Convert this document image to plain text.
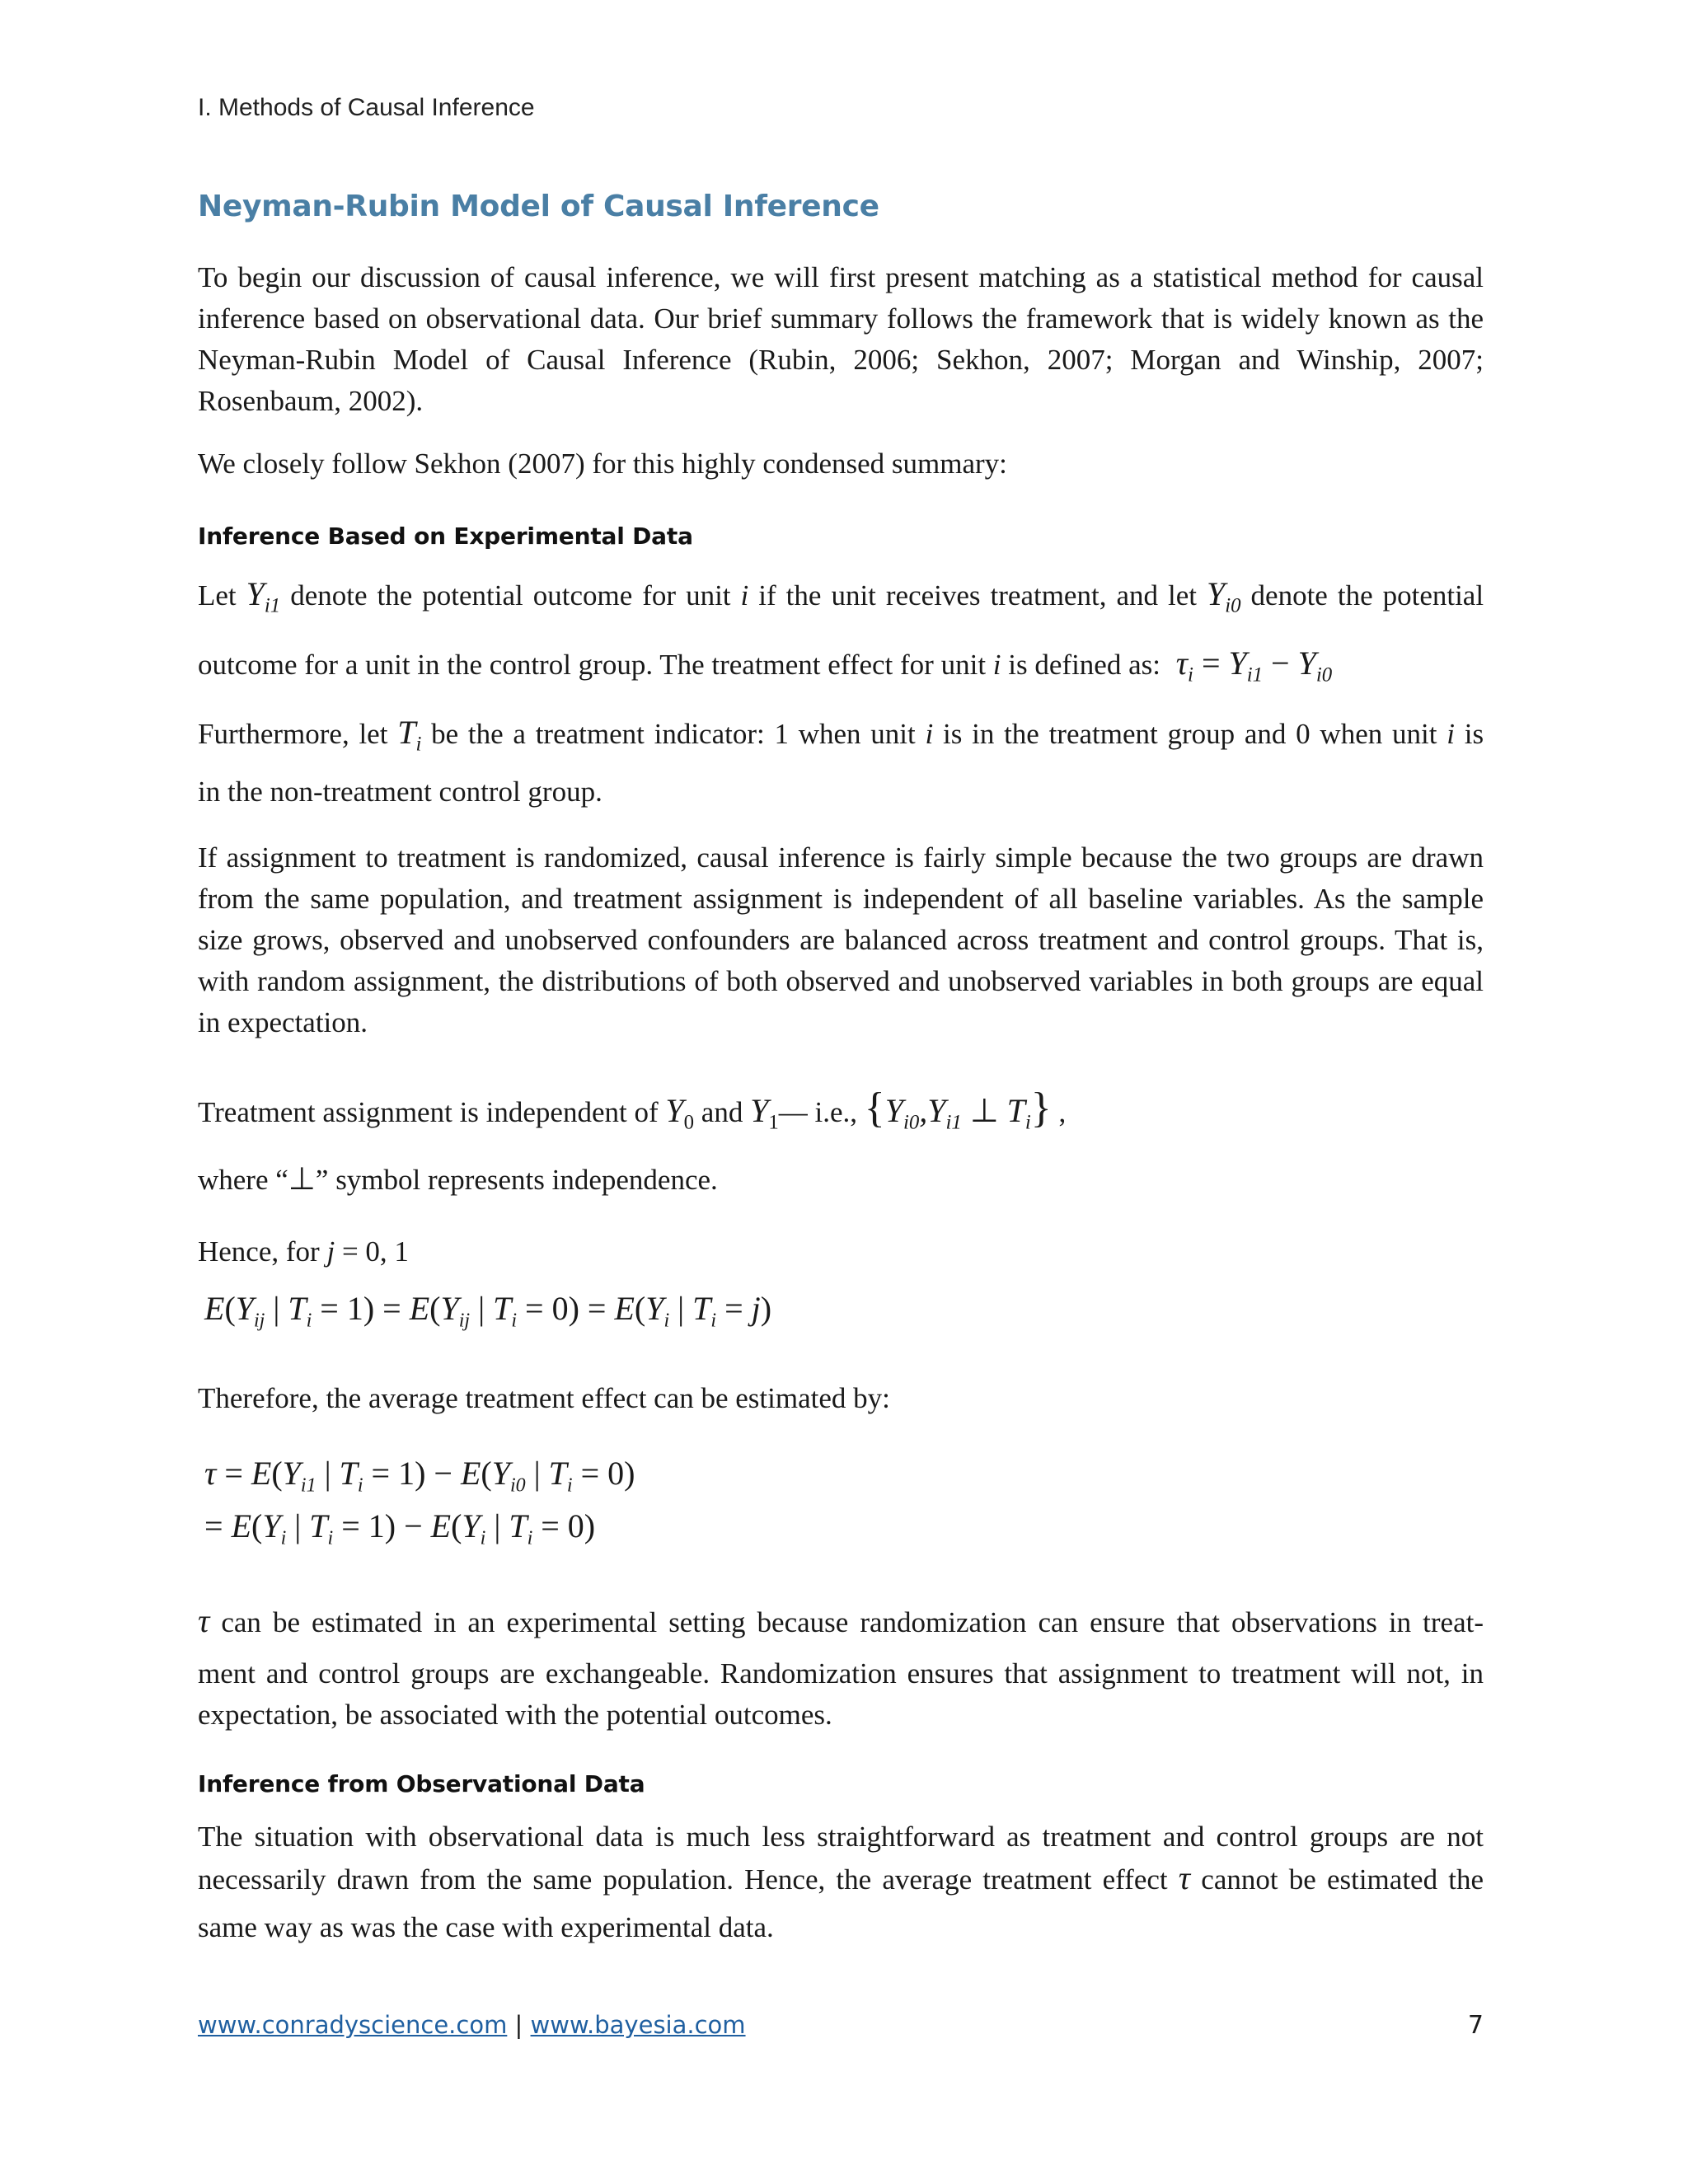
I. Methods of Causal Inference
Neyman-Rubin Model of Causal Inference
To begin our discussion of causal inference, we will first present matching as a statistical method for causal inference based on observational data. Our brief summary follows the framework that is widely known as the Neyman-Rubin Model of Causal Inference (Rubin, 2006; Sekhon, 2007; Morgan and Winship, 2007; Rosenbaum, 2002).
We closely follow Sekhon (2007) for this highly condensed summary:
Inference Based on Experimental Data
Let $Y_{i1}$ denote the potential outcome for unit i if the unit receives treatment, and let $Y_{i0}$ denote the potential
outcome for a unit in the control group. The treatment effect for unit i is defined as: $\tau_i = Y_{i1} - Y_{i0}$
Furthermore, let $T_i$ be the a treatment indicator: 1 when unit i is in the treatment group and 0 when unit i is
in the non-treatment control group.
If assignment to treatment is randomized, causal inference is fairly simple because the two groups are drawn from the same population, and treatment assignment is independent of all baseline variables. As the sample size grows, observed and unobserved confounders are balanced across treatment and control groups. That is, with random assignment, the distributions of both observed and unobserved variables in both groups are equal in expectation.
Treatment assignment is independent of $Y_0$ and $Y_1—$ i.e., {$Y_{i0},Y_{i1}$ ⊥ $T_i$} ,
where “⊥” symbol represents independence.
Hence, for j = 0, 1
$E(Y_{ij}$ | $T_i = 1) = E(Y_{ij}$ | $T_i = 0) = E(Y_i$ | $T_i = j$)
Therefore, the average treatment effect can be estimated by:
$\tau = E(Y_{i1}$ | $T_i = 1) - E(Y_{i0}$ | $T_i = 0$)
= $E(Y_i$ | $T_i = 1) - E(Y_i$ | $T_i = 0$)
τ can be estimated in an experimental setting because randomization can ensure that observations in treat-
ment and control groups are exchangeable. Randomization ensures that assignment to treatment will not, in expectation, be associated with the potential outcomes.
Inference from Observational Data
The situation with observational data is much less straightforward as treatment and control groups are not
necessarily drawn from the same population. Hence, the average treatment effect τ cannot be estimated the
same way as was the case with experimental data.
www.conradyscience.com | www.bayesia.com	7
